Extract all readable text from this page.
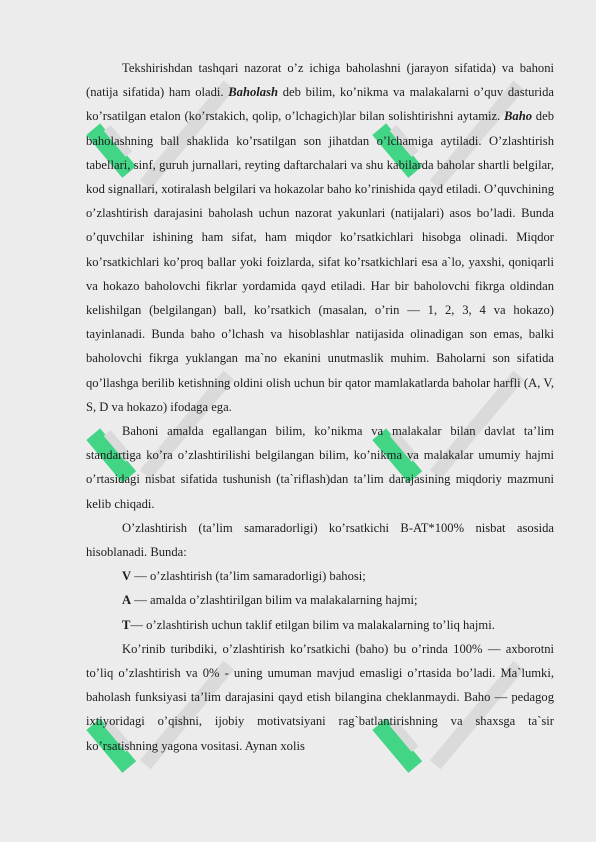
Tekshirishdan tashqari nazorat o’z ichiga baholashni (jarayon sifatida) va bahoni (natija sifatida) ham oladi. Baholash deb bilim, ko’nikma va malakalarni o’quv dasturida ko’rsatilgan etalon (ko’rstakich, qolip, o’lchagich)lar bilan solishtirishni aytamiz. Baho deb baholashning ball shaklida ko’rsatilgan son jihatdan o’lchamiga aytiladi. O’zlashtirish tabellari, sinf, guruh jurnallari, reyting daftarchalari va shu kabilarda baholar shartli belgilar, kod signallari, xotiralash belgilari va hokazolar baho ko’rinishida qayd etiladi. O’quvchining o’zlashtirish darajasini baholash uchun nazorat yakunlari (natijalari) asos bo’ladi. Bunda o’quvchilar ishining ham sifat, ham miqdor ko’rsatkichlari hisobga olinadi. Miqdor ko’rsatkichlari ko’proq ballar yoki foizlarda, sifat ko’rsatkichlari esa a`lo, yaxshi, qoniqarli va hokazo baholovchi fikrlar yordamida qayd etiladi. Har bir baholovchi fikrga oldindan kelishilgan (belgilangan) ball, ko’rsatkich (masalan, o’rin — 1, 2, 3, 4 va hokazo) tayinlanadi. Bunda baho o’lchash va hisoblashlar natijasida olinadigan son emas, balki baholovchi fikrga yuklangan ma`no ekanini unutmaslik muhim. Baholarni son sifatida qo’llashga berilib ketishning oldini olish uchun bir qator mamlakatlarda baholar harfli (A, V, S, D va hokazo) ifodaga ega.

Bahoni amalda egallangan bilim, ko’nikma va malakalar bilan davlat ta’lim standartiga ko’ra o’zlashtirilishi belgilangan bilim, ko’nikma va malakalar umumiy hajmi o’rtasidagi nisbat sifatida tushunish (ta`riflash)dan ta’lim darajasining miqdoriy mazmuni kelib chiqadi.

O’zlashtirish (ta’lim samaradorligi) ko’rsatkichi B-AT*100% nisbat asosida hisoblanadi. Bunda:

V — o’zlashtirish (ta’lim samaradorligi) bahosi;

A — amalda o’zlashtirilgan bilim va malakalarning hajmi;

T— o’zlashtirish uchun taklif etilgan bilim va malakalarning to’liq hajmi.

Ko’rinib turibdiki, o’zlashtirish ko’rsatkichi (baho) bu o’rinda 100% — axborotni to’liq o’zlashtirish va 0% - uning umuman mavjud emasligi o’rtasida bo’ladi. Ma`lumki, baholash funksiyasi ta’lim darajasini qayd etish bilangina cheklanmaydi. Baho — pedagog ixtiyoridagi o’qishni, ijobiy motivatsiyani rag`batlantirishning va shaxsga ta`sir ko’rsatishning yagona vositasi. Aynan xolis
